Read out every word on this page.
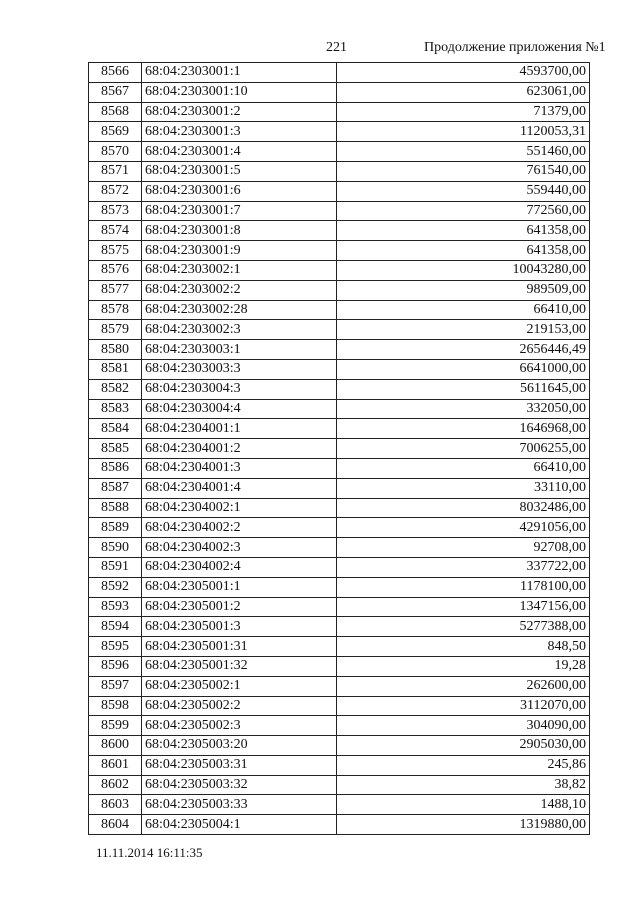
221	Продолжение приложения №1
8566	68:04:2303001:1	4593700,00
8567	68:04:2303001:10	623061,00
8568	68:04:2303001:2	71379,00
8569	68:04:2303001:3	1120053,31
8570	68:04:2303001:4	551460,00
8571	68:04:2303001:5	761540,00
8572	68:04:2303001:6	559440,00
8573	68:04:2303001:7	772560,00
8574	68:04:2303001:8	641358,00
8575	68:04:2303001:9	641358,00
8576	68:04:2303002:1	10043280,00
8577	68:04:2303002:2	989509,00
8578	68:04:2303002:28	66410,00
8579	68:04:2303002:3	219153,00
8580	68:04:2303003:1	2656446,49
8581	68:04:2303003:3	6641000,00
8582	68:04:2303004:3	5611645,00
8583	68:04:2303004:4	332050,00
8584	68:04:2304001:1	1646968,00
8585	68:04:2304001:2	7006255,00
8586	68:04:2304001:3	66410,00
8587	68:04:2304001:4	33110,00
8588	68:04:2304002:1	8032486,00
8589	68:04:2304002:2	4291056,00
8590	68:04:2304002:3	92708,00
8591	68:04:2304002:4	337722,00
8592	68:04:2305001:1	1178100,00
8593	68:04:2305001:2	1347156,00
8594	68:04:2305001:3	5277388,00
8595	68:04:2305001:31	848,50
8596	68:04:2305001:32	19,28
8597	68:04:2305002:1	262600,00
8598	68:04:2305002:2	3112070,00
8599	68:04:2305002:3	304090,00
8600	68:04:2305003:20	2905030,00
8601	68:04:2305003:31	245,86
8602	68:04:2305003:32	38,82
8603	68:04:2305003:33	1488,10
8604	68:04:2305004:1	1319880,00
11.11.2014 16:11:35
